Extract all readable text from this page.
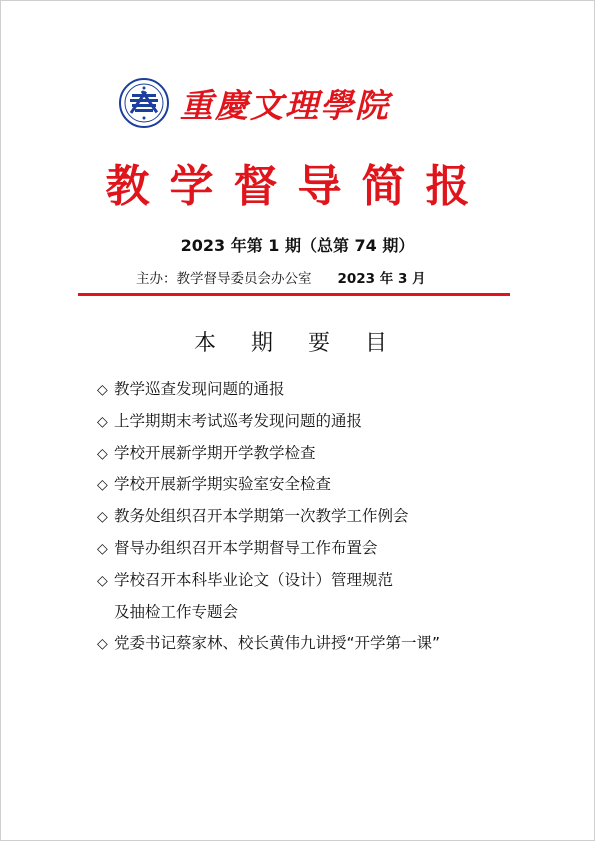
重慶文理學院
教学督导简报
2023 年第 1 期（总第 74 期）
主办：教学督导委员会办公室 2023 年 3 月
本 期 要 目
◇ 教学巡查发现问题的通报
◇ 上学期期末考试巡考发现问题的通报
◇ 学校开展新学期开学教学检查
◇ 学校开展新学期实验室安全检查
◇ 教务处组织召开本学期第一次教学工作例会
◇ 督导办组织召开本学期督导工作布置会
◇ 学校召开本科毕业论文（设计）管理规范
及抽检工作专题会
◇ 党委书记蔡家林、校长黄伟九讲授“开学第一课”
